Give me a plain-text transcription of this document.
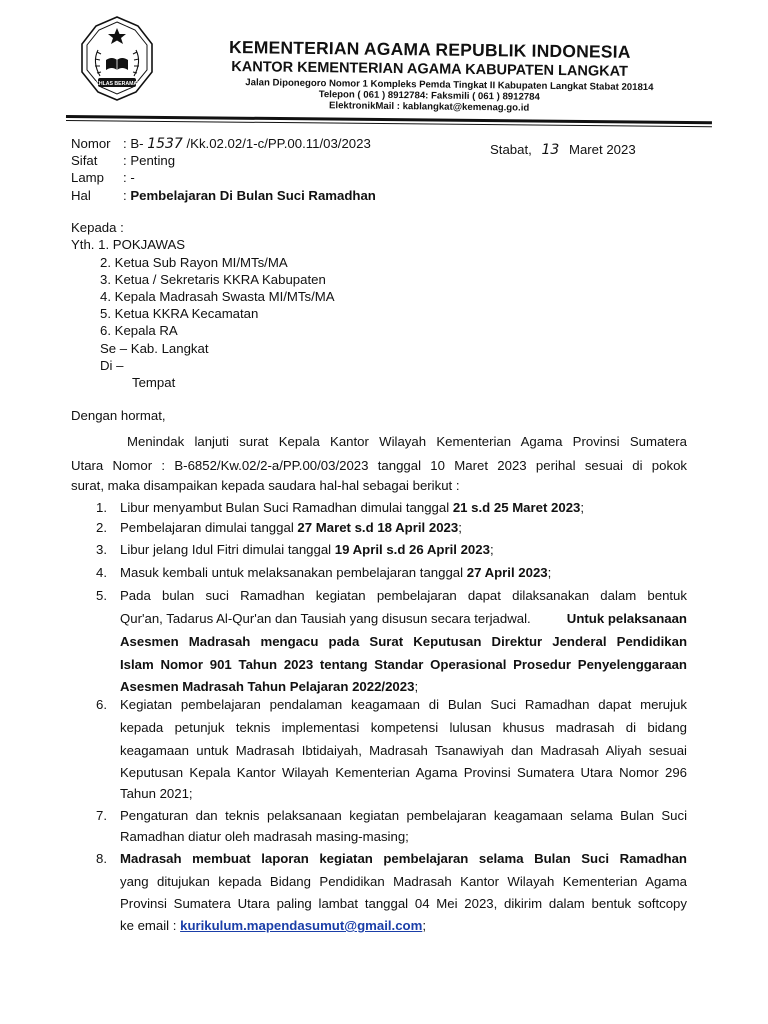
IKHLAS BERAMAL
KEMENTERIAN AGAMA REPUBLIK INDONESIA
KANTOR KEMENTERIAN AGAMA KABUPATEN LANGKAT
Jalan Diponegoro Nomor 1 Kompleks Pemda Tingkat II Kabupaten Langkat Stabat 201814
Telepon ( 061 ) 8912784: Faksmili ( 061 ) 8912784
ElektronikMail : kablangkat@kemenag.go.id
Nomor : B- 1537 /Kk.02.02/1-c/PP.00.11/03/2023
Sifat : Penting
Lamp : -
Hal : Pembelajaran Di Bulan Suci Ramadhan
Stabat, 13 Maret 2023
Kepada :
Yth. 1. POKJAWAS
2. Ketua Sub Rayon MI/MTs/MA
3. Ketua / Sekretaris KKRA Kabupaten
4. Kepala Madrasah Swasta MI/MTs/MA
5. Ketua KKRA Kecamatan
6. Kepala RA
Se – Kab. Langkat
Di –
Tempat
Dengan hormat,
Menindak lanjuti surat Kepala Kantor Wilayah Kementerian Agama Provinsi Sumatera
Utara Nomor : B-6852/Kw.02/2-a/PP.00/03/2023 tanggal 10 Maret 2023 perihal sesuai di pokok
surat, maka disampaikan kepada saudara hal-hal sebagai berikut :
1. Libur menyambut Bulan Suci Ramadhan dimulai tanggal 21 s.d 25 Maret 2023;
2. Pembelajaran dimulai tanggal 27 Maret s.d 18 April 2023;
3. Libur jelang Idul Fitri dimulai tanggal 19 April s.d 26 April 2023;
4. Masuk kembali untuk melaksanakan pembelajaran tanggal 27 April 2023;
5. Pada bulan suci Ramadhan kegiatan pembelajaran dapat dilaksanakan dalam bentuk
Qur'an, Tadarus Al-Qur'an dan Tausiah yang disusun secara terjadwal.	Untuk pelaksanaan
Asesmen Madrasah mengacu pada Surat Keputusan Direktur Jenderal Pendidikan
Islam Nomor 901 Tahun 2023 tentang Standar Operasional Prosedur Penyelenggaraan
Asesmen Madrasah Tahun Pelajaran 2022/2023;
6. Kegiatan pembelajaran pendalaman keagamaan di Bulan Suci Ramadhan dapat merujuk
kepada petunjuk teknis implementasi kompetensi lulusan khusus madrasah di bidang
keagamaan untuk Madrasah Ibtidaiyah, Madrasah Tsanawiyah dan Madrasah Aliyah sesuai
Keputusan Kepala Kantor Wilayah Kementerian Agama Provinsi Sumatera Utara Nomor 296
Tahun 2021;
7. Pengaturan dan teknis pelaksanaan kegiatan pembelajaran keagamaan selama Bulan Suci
Ramadhan diatur oleh madrasah masing-masing;
8. Madrasah membuat laporan kegiatan pembelajaran selama Bulan Suci Ramadhan
yang ditujukan kepada Bidang Pendidikan Madrasah Kantor Wilayah Kementerian Agama
Provinsi Sumatera Utara paling lambat tanggal 04 Mei 2023, dikirim dalam bentuk softcopy
ke email : kurikulum.mapendasumut@gmail.com;
